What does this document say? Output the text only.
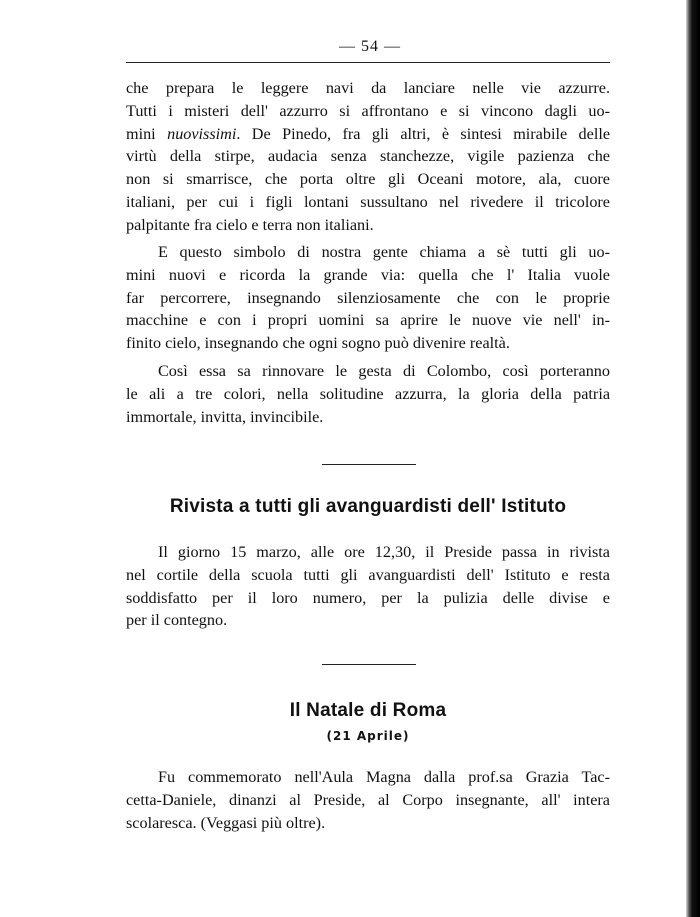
— 54 —

che prepara le leggere navi da lanciare nelle vie azzurre.
Tutti i misteri dell' azzurro si affrontano e si vincono dagli uo-
mini nuovissimi. De Pinedo, fra gli altri, è sintesi mirabile delle
virtù della stirpe, audacia senza stanchezze, vigile pazienza che
non si smarrisce, che porta oltre gli Oceani motore, ala, cuore
italiani, per cui i figli lontani sussultano nel rivedere il tricolore
palpitante fra cielo e terra non italiani.

E questo simbolo di nostra gente chiama a sè tutti gli uo-
mini nuovi e ricorda la grande via: quella che l' Italia vuole
far percorrere, insegnando silenziosamente che con le proprie
macchine e con i propri uomini sa aprire le nuove vie nell' in-
finito cielo, insegnando che ogni sogno può divenire realtà.

Così essa sa rinnovare le gesta di Colombo, così porteranno
le ali a tre colori, nella solitudine azzurra, la gloria della patria
immortale, invitta, invincibile.

Rivista a tutti gli avanguardisti dell' Istituto

Il giorno 15 marzo, alle ore 12,30, il Preside passa in rivista
nel cortile della scuola tutti gli avanguardisti dell' Istituto e resta
soddisfatto per il loro numero, per la pulizia delle divise e
per il contegno.

Il Natale di Roma
(21 Aprile)

Fu commemorato nell'Aula Magna dalla prof.sa Grazia Tac-
cetta-Daniele, dinanzi al Preside, al Corpo insegnante, all' intera
scolaresca. (Veggasi più oltre).
